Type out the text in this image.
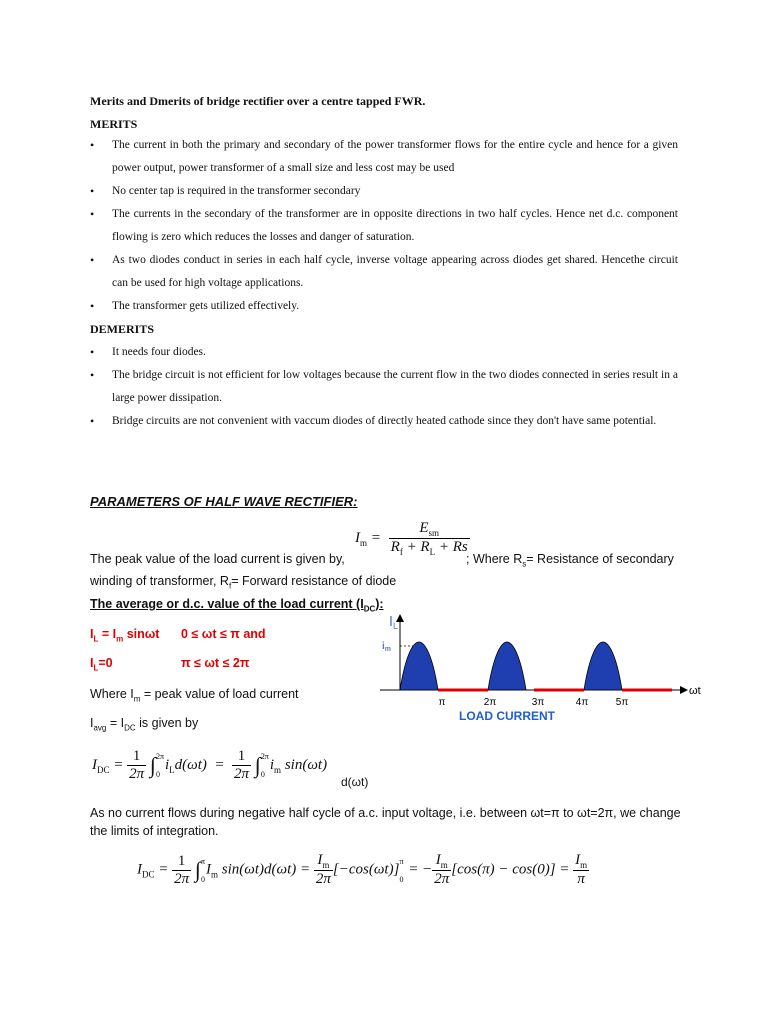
Merits and Dmerits of bridge rectifier over a centre tapped FWR.
MERITS
• The current in both the primary and secondary of the power transformer flows for the entire cycle and hence for a given power output, power transformer of a small size and less cost may be used
• No center tap is required in the transformer secondary
• The currents in the secondary of the transformer are in opposite directions in two half cycles. Hence net d.c. component flowing is zero which reduces the losses and danger of saturation.
• As two diodes conduct in series in each half cycle, inverse voltage appearing across diodes get shared. Hencethe circuit can be used for high voltage applications.
• The transformer gets utilized effectively.
DEMERITS
• It needs four diodes.
• The bridge circuit is not efficient for low voltages because the current flow in the two diodes connected in series result in a large power dissipation.
• Bridge circuits are not convenient with vaccum diodes of directly heated cathode since they don't have same potential.
PARAMETERS OF HALF WAVE RECTIFIER:
$I_m = \frac{E_{sm}}{R_f + R_L + Rs}$
The peak value of the load current is given by,	; Where $R_s=$ Resistance of secondary
winding of transformer, $R_f=$ Forward resistance of diode
The average or d.c. value of the load current $(I_{DC})$:
$I_L = I_m$ sinωt 0 ≤ ωt ≤ π and
$I_L=0$	π ≤ ωt ≤ 2π
Where $I_m$ = peak value of load current
$I_{avg} = I_{DC}$ is given by
$I_L$
$i_m$
ωt
π	2π	3π	4π	5π
LOAD CURRENT
$I_{DC} = \frac{1}{2\pi} \int 2\pi$

$0i_Ld(\omega t) = \frac{1}{2\pi} \int 2\pi$

$0i_m$ sin(ωt)
d(ωt)
As no current flows during negative half cycle of a.c. input voltage, i.e. between ωt=π to ωt=2π, we change the limits of integration.
$I_{DC} = \frac{1}{2\pi} \int\pi$

$0I_m$ $\sin(\omega t)d(\omega t) = \frac{I_m}{2\pi} [-\cos(\omega t)]\pi$

0 = − $\frac{I_m}{2\pi} [\cos(\pi) - \cos(0)] = \frac{I_m}{\pi}$
